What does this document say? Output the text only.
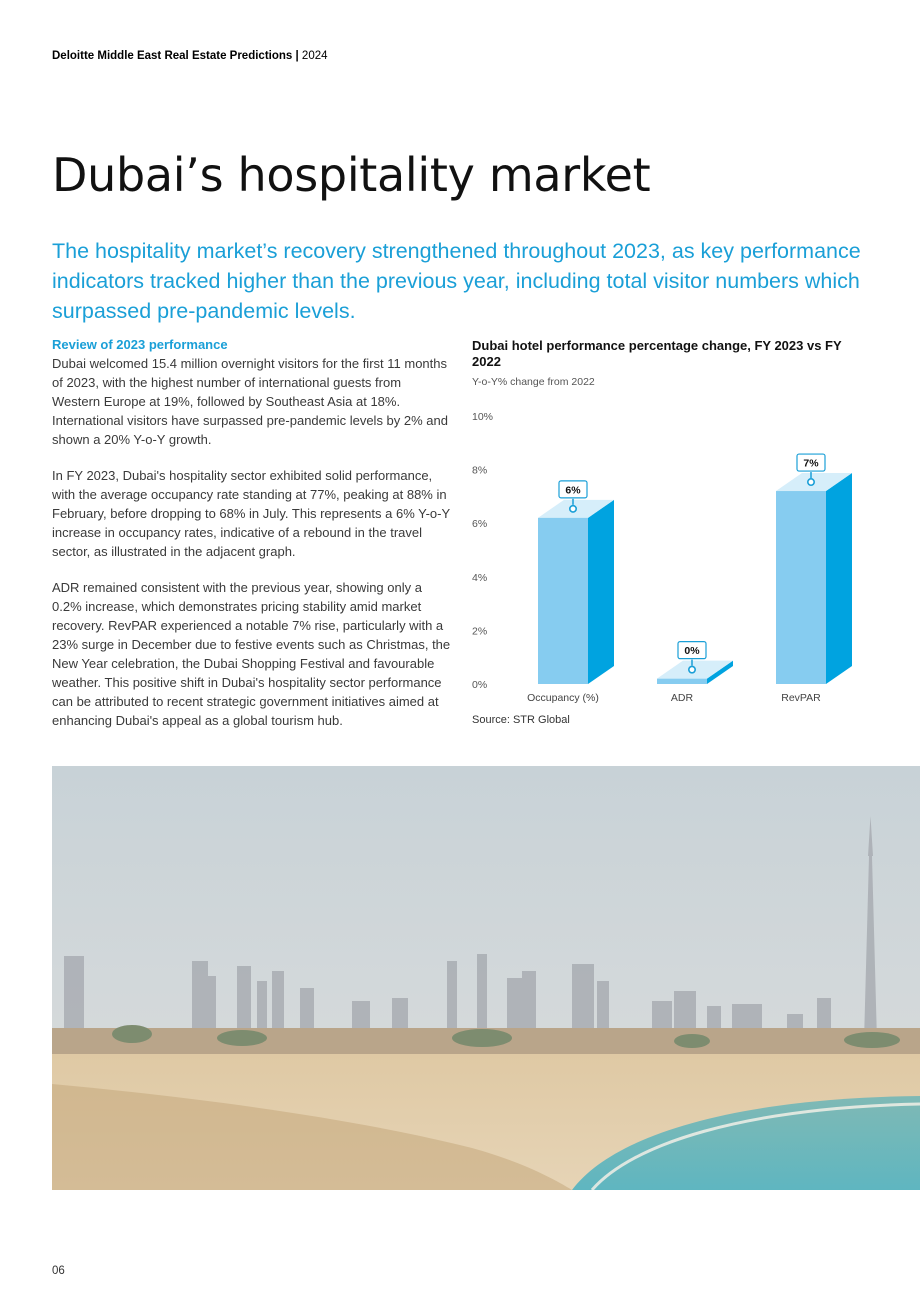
Deloitte Middle East Real Estate Predictions | 2024
Dubai’s hospitality market

The hospitality market’s recovery strengthened throughout 2023, as key performance indicators tracked higher than the previous year, including total visitor numbers which surpassed pre-pandemic levels.

Review of 2023 performance

Dubai welcomed 15.4 million overnight visitors for the first 11 months of 2023, with the highest number of international guests from Western Europe at 19%, followed by Southeast Asia at 18%. International visitors have surpassed pre-pandemic levels by 2% and shown a 20% Y-o-Y growth.

In FY 2023, Dubai's hospitality sector exhibited solid performance, with the average occupancy rate standing at 77%, peaking at 88% in February, before dropping to 68% in July. This represents a 6% Y-o-Y increase in occupancy rates, indicative of a rebound in the travel sector, as illustrated in the adjacent graph.

ADR remained consistent with the previous year, showing only a 0.2% increase, which demonstrates pricing stability amid market recovery. RevPAR experienced a notable 7% rise, particularly with a 23% surge in December due to festive events such as Christmas, the New Year celebration, the Dubai Shopping Festival and favourable weather. This positive shift in Dubai's hospitality sector performance can be attributed to recent strategic government initiatives aimed at enhancing Dubai's appeal as a global tourism hub.

Dubai hotel performance percentage change, FY 2023 vs FY 2022
Y-o-Y% change from 2022
0%
2%
4%
6%
8%
10%
6%
Occupancy (%)
0%
ADR
7%
RevPAR
Source: STR Global
06
